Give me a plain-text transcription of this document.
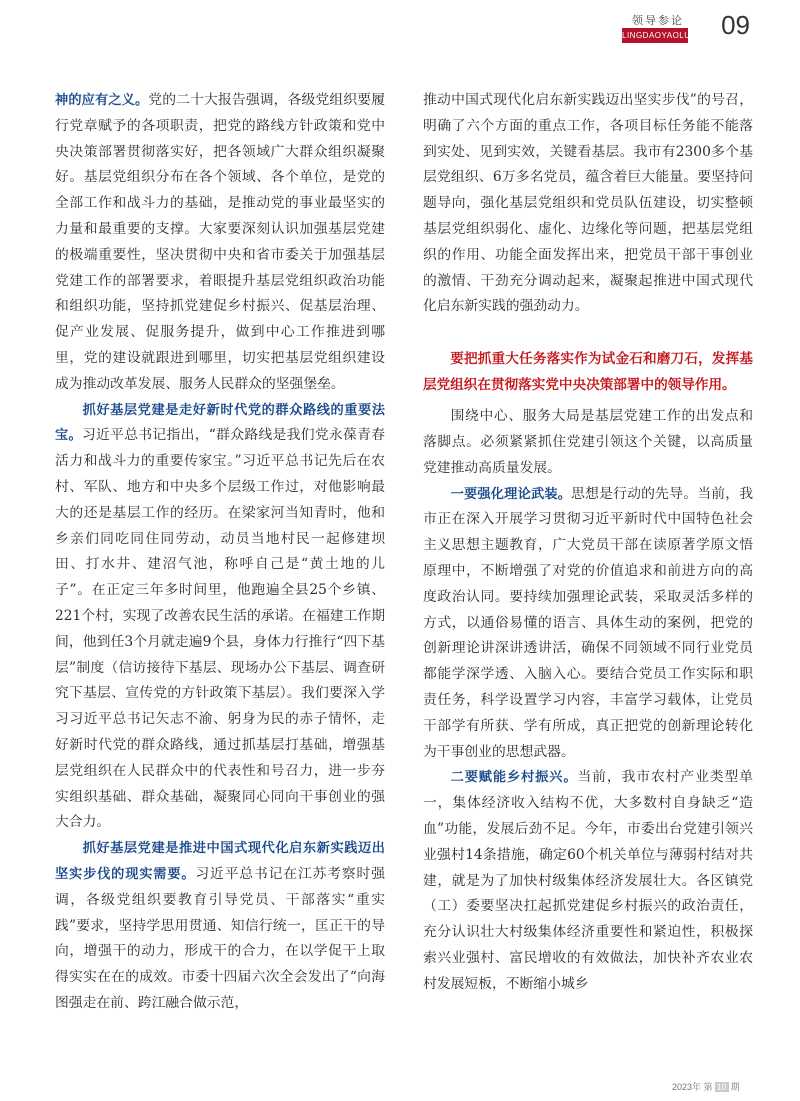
领导参论
LINGDAOYAOLUN 09

神的应有之义。党的二十大报告强调，各级党组织要履行党章赋予的各项职责，把党的路线方针政策和党中央决策部署贯彻落实好，把各领域广大群众组织凝聚好。基层党组织分布在各个领域、各个单位，是党的全部工作和战斗力的基础，是推动党的事业最坚实的力量和最重要的支撑。大家要深刻认识加强基层党建的极端重要性，坚决贯彻中央和省市委关于加强基层党建工作的部署要求，着眼提升基层党组织政治功能和组织功能，坚持抓党建促乡村振兴、促基层治理、促产业发展、促服务提升，做到中心工作推进到哪里，党的建设就跟进到哪里，切实把基层党组织建设成为推动改革发展、服务人民群众的坚强堡垒。

抓好基层党建是走好新时代党的群众路线的重要法宝。习近平总书记指出，“群众路线是我们党永葆青春活力和战斗力的重要传家宝。”习近平总书记先后在农村、军队、地方和中央多个层级工作过，对他影响最大的还是基层工作的经历。在梁家河当知青时，他和乡亲们同吃同住同劳动，动员当地村民一起修建坝田、打水井、建沼气池，称呼自己是“黄土地的儿子”。在正定三年多时间里，他跑遍全县25个乡镇、221个村，实现了改善农民生活的承诺。在福建工作期间，他到任3个月就走遍9个县，身体力行推行“四下基层”制度（信访接待下基层、现场办公下基层、调查研究下基层、宣传党的方针政策下基层）。我们要深入学习习近平总书记矢志不渝、躬身为民的赤子情怀，走好新时代党的群众路线，通过抓基层打基础，增强基层党组织在人民群众中的代表性和号召力，进一步夯实组织基础、群众基础，凝聚同心同向干事创业的强大合力。

抓好基层党建是推进中国式现代化启东新实践迈出坚实步伐的现实需要。习近平总书记在江苏考察时强调，各级党组织要教育引导党员、干部落实“重实践”要求，坚持学思用贯通、知信行统一，匡正干的导向，增强干的动力，形成干的合力，在以学促干上取得实实在在的成效。市委十四届六次全会发出了“向海图强走在前、跨江融合做示范，

推动中国式现代化启东新实践迈出坚实步伐”的号召，明确了六个方面的重点工作，各项目标任务能不能落到实处、见到实效，关键看基层。我市有2300多个基层党组织、6万多名党员，蕴含着巨大能量。要坚持问题导向，强化基层党组织和党员队伍建设，切实整顿基层党组织弱化、虚化、边缘化等问题，把基层党组织的作用、功能全面发挥出来，把党员干部干事创业的激情、干劲充分调动起来，凝聚起推进中国式现代化启东新实践的强劲动力。

要把抓重大任务落实作为试金石和磨刀石，发挥基层党组织在贯彻落实党中央决策部署中的领导作用。

围绕中心、服务大局是基层党建工作的出发点和落脚点。必须紧紧抓住党建引领这个关键，以高质量党建推动高质量发展。

一要强化理论武装。思想是行动的先导。当前，我市正在深入开展学习贯彻习近平新时代中国特色社会主义思想主题教育，广大党员干部在读原著学原文悟原理中，不断增强了对党的价值追求和前进方向的高度政治认同。要持续加强理论武装，采取灵活多样的方式，以通俗易懂的语言、具体生动的案例，把党的创新理论讲深讲透讲活，确保不同领域不同行业党员都能学深学透、入脑入心。要结合党员工作实际和职责任务，科学设置学习内容，丰富学习载体，让党员干部学有所获、学有所成，真正把党的创新理论转化为干事创业的思想武器。

二要赋能乡村振兴。当前，我市农村产业类型单一，集体经济收入结构不优，大多数村自身缺乏“造血”功能，发展后劲不足。今年，市委出台党建引领兴业强村14条措施，确定60个机关单位与薄弱村结对共建，就是为了加快村级集体经济发展壮大。各区镇党（工）委要坚决扛起抓党建促乡村振兴的政治责任，充分认识壮大村级集体经济重要性和紧迫性，积极探索兴业强村、富民增收的有效做法，加快补齐农业农村发展短板，不断缩小城乡

2023年 第 10 期
